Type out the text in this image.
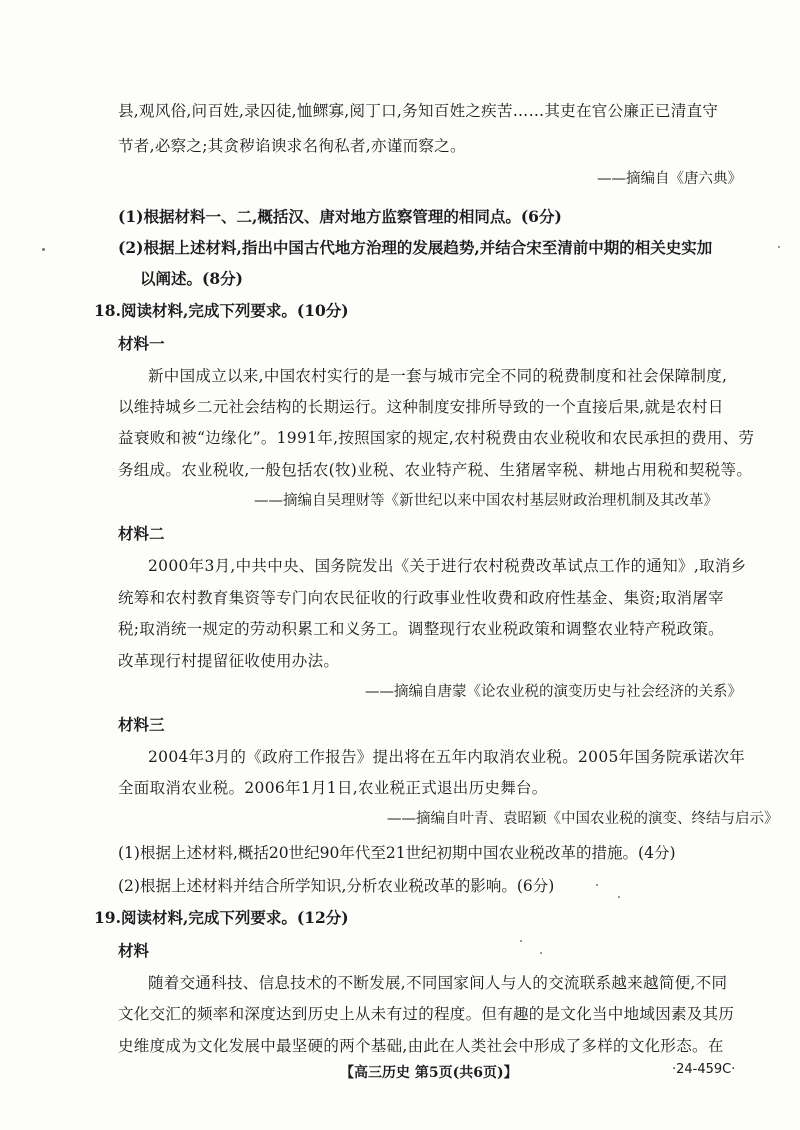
县,观风俗,问百姓,录囚徒,恤鳏寡,阅丁口,务知百姓之疾苦……其吏在官公廉正已清直守
节者,必察之;其贪秽谄谀求名徇私者,亦谨而察之。
——摘编自《唐六典》
(1)根据材料一、二,概括汉、唐对地方监察管理的相同点。(6分)
(2)根据上述材料,指出中国古代地方治理的发展趋势,并结合宋至清前中期的相关史实加
以阐述。(8分)
18.阅读材料,完成下列要求。(10分)
材料一
新中国成立以来,中国农村实行的是一套与城市完全不同的税费制度和社会保障制度,
以维持城乡二元社会结构的长期运行。这种制度安排所导致的一个直接后果,就是农村日
益衰败和被“边缘化”。1991年,按照国家的规定,农村税费由农业税收和农民承担的费用、劳
务组成。农业税收,一般包括农(牧)业税、农业特产税、生猪屠宰税、耕地占用税和契税等。
——摘编自吴理财等《新世纪以来中国农村基层财政治理机制及其改革》
材料二
2000年3月,中共中央、国务院发出《关于进行农村税费改革试点工作的通知》,取消乡
统筹和农村教育集资等专门向农民征收的行政事业性收费和政府性基金、集资;取消屠宰
税;取消统一规定的劳动积累工和义务工。调整现行农业税政策和调整农业特产税政策。
改革现行村提留征收使用办法。
——摘编自唐蒙《论农业税的演变历史与社会经济的关系》
材料三
2004年3月的《政府工作报告》提出将在五年内取消农业税。2005年国务院承诺次年
全面取消农业税。2006年1月1日,农业税正式退出历史舞台。
——摘编自叶青、袁昭颖《中国农业税的演变、终结与启示》
(1)根据上述材料,概括20世纪90年代至21世纪初期中国农业税改革的措施。(4分)
(2)根据上述材料并结合所学知识,分析农业税改革的影响。(6分)
19.阅读材料,完成下列要求。(12分)
材料
随着交通科技、信息技术的不断发展,不同国家间人与人的交流联系越来越简便,不同
文化交汇的频率和深度达到历史上从未有过的程度。但有趣的是文化当中地域因素及其历
史维度成为文化发展中最坚硬的两个基础,由此在人类社会中形成了多样的文化形态。在
【高三历史 第5页(共6页)】	·24-459C·
